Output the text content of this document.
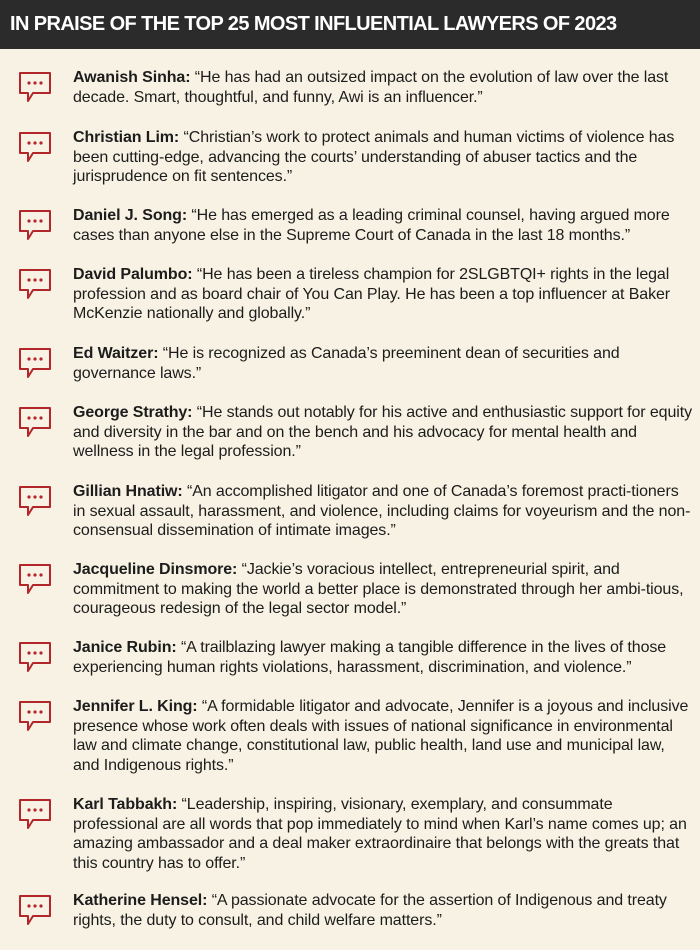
IN PRAISE OF THE TOP 25 MOST INFLUENTIAL LAWYERS OF 2023
Awanish Sinha: “He has had an outsized impact on the evolution of law over the last decade. Smart, thoughtful, and funny, Awi is an influencer.”
Christian Lim: “Christian’s work to protect animals and human victims of violence has been cutting-edge, advancing the courts’ understanding of abuser tactics and the jurisprudence on fit sentences.”
Daniel J. Song: “He has emerged as a leading criminal counsel, having argued more cases than anyone else in the Supreme Court of Canada in the last 18 months.”
David Palumbo: “He has been a tireless champion for 2SLGBTQI+ rights in the legal profession and as board chair of You Can Play. He has been a top influencer at Baker McKenzie nationally and globally.”
Ed Waitzer: “He is recognized as Canada’s preeminent dean of securities and governance laws.”
George Strathy: “He stands out notably for his active and enthusiastic support for equity and diversity in the bar and on the bench and his advocacy for mental health and wellness in the legal profession.”
Gillian Hnatiw: “An accomplished litigator and one of Canada’s foremost practi-tioners in sexual assault, harassment, and violence, including claims for voyeurism and the non-consensual dissemination of intimate images.”
Jacqueline Dinsmore: “Jackie’s voracious intellect, entrepreneurial spirit, and commitment to making the world a better place is demonstrated through her ambi-tious, courageous redesign of the legal sector model.”
Janice Rubin: “A trailblazing lawyer making a tangible difference in the lives of those experiencing human rights violations, harassment, discrimination, and violence.”
Jennifer L. King: “A formidable litigator and advocate, Jennifer is a joyous and inclusive presence whose work often deals with issues of national significance in environmental law and climate change, constitutional law, public health, land use and municipal law, and Indigenous rights.”
Karl Tabbakh: “Leadership, inspiring, visionary, exemplary, and consummate professional are all words that pop immediately to mind when Karl’s name comes up; an amazing ambassador and a deal maker extraordinaire that belongs with the greats that this country has to offer.”
Katherine Hensel: “A passionate advocate for the assertion of Indigenous and treaty rights, the duty to consult, and child welfare matters.”
